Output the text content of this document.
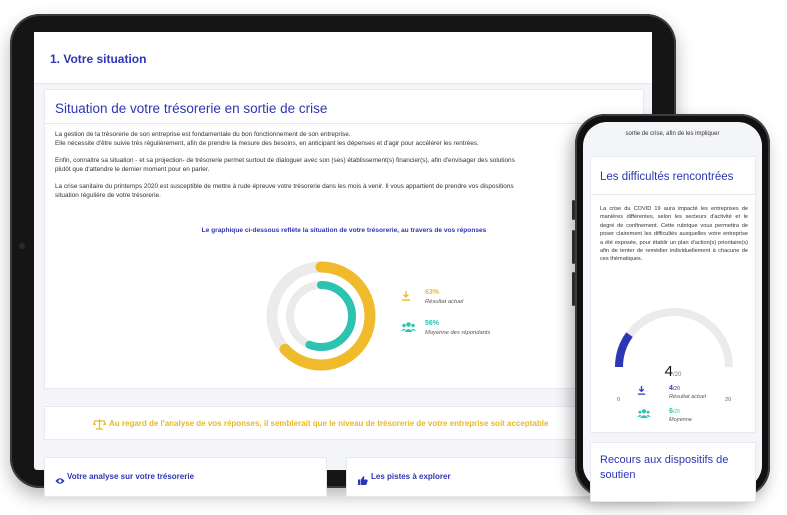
1. Votre situation
Situation de votre trésorerie en sortie de crise
La gestion de la trésorerie de son entreprise est fondamentale du bon fonctionnement de son entreprise.
Elle nécessite d'être suivie très régulièrement, afin de prendre la mesure des besoins, en anticipant les dépenses et d'agir pour accélérer les rentrées.
Enfin, connaitre sa situation - et sa projection- de trésorerie permet surtout de dialoguer avec son (ses) établissement(s) financier(s), afin d'envisager des solutions
plutôt que d'attendre le dernier moment pour en parler.
La crise sanitaire du printemps 2020 est susceptible de mettre à rude épreuve votre trésorerie dans les mois à venir. Il vous appartient de prendre vos dispositions
situation régulière de votre trésorerie.
Le graphique ci-dessous reflète la situation de votre trésorerie, au travers de vos réponses
63%
Résultat actuel
56%
Moyenne des répondants
Au regard de l'analyse de vos réponses, il semblerait que le niveau de trésorerie de votre entreprise soit acceptable
Votre analyse sur votre trésorerie	Les pistes à explorer
sortie de crise, afin de les impliquer
Les difficultés rencontrées
La crise du COVID 19 aura impacté les entreprises de manières différentes, selon les secteurs d'activité et le degré de confinement. Cette rubrique vous permettra de poser clairement les difficultés auxquelles votre entreprise a été exposée, pour établir un plan d'action(s) prioritaire(s) afin de tenter de remédier individuellement à chacune de ces thématiques.
4/20
0	20
4/20
Résultat actuel
6/20
Moyenne
Recours aux dispositifs de soutien
